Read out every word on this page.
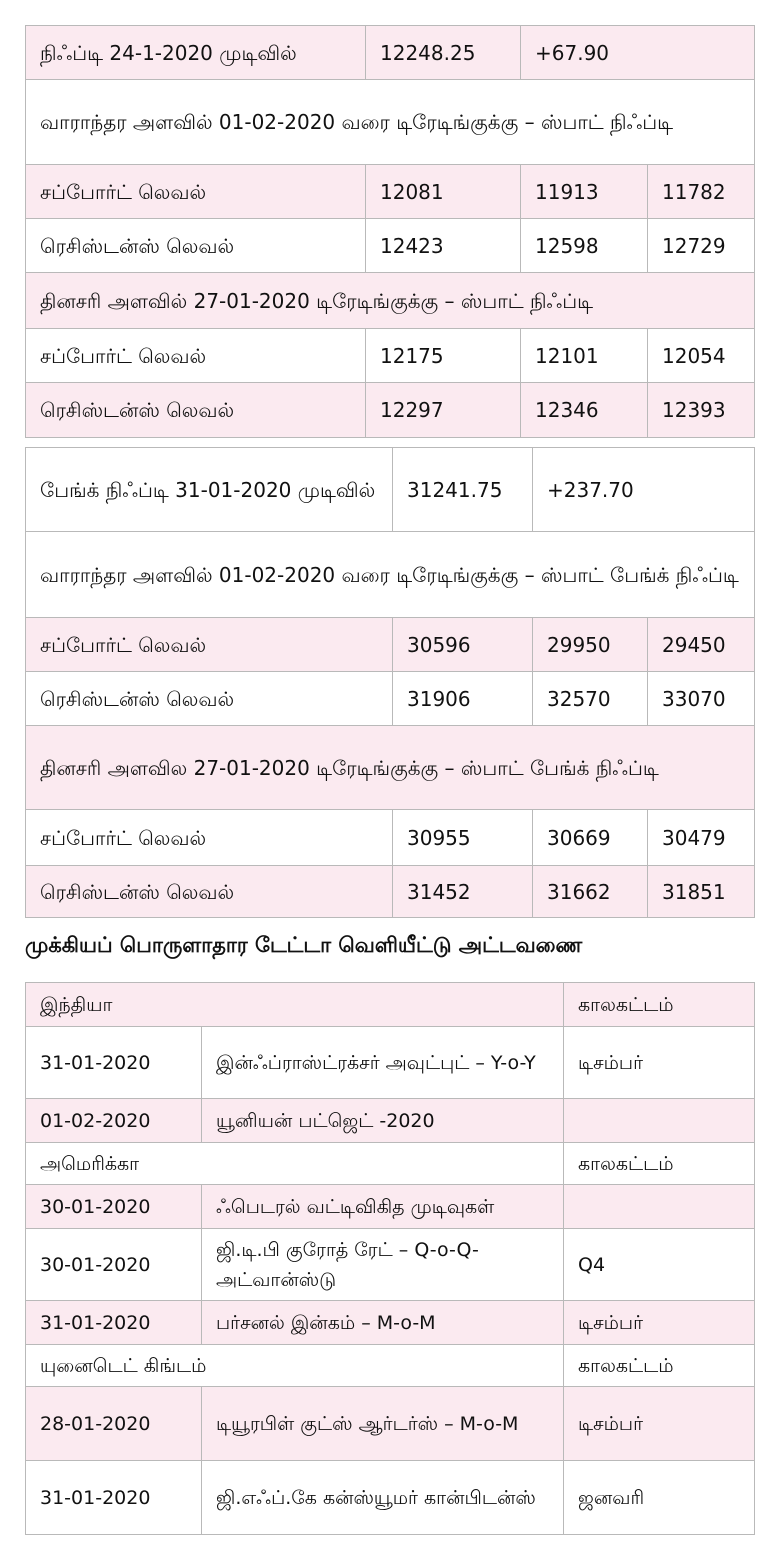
நிஃப்டி 24-1-2020 முடிவில்	12248.25	+67.90	
வாராந்தர அளவில் 01-02-2020 வரை டிரேடிங்குக்கு – ஸ்பாட் நிஃப்டி			
சப்போர்ட் லெவல்	12081	11913	11782
ரெசிஸ்டன்ஸ் லெவல்	12423	12598	12729
தினசரி அளவில் 27-01-2020 டிரேடிங்குக்கு – ஸ்பாட் நிஃப்டி			
சப்போர்ட் லெவல்	12175	12101	12054
ரெசிஸ்டன்ஸ் லெவல்	12297	12346	12393
பேங்க் நிஃப்டி 31-01-2020 முடிவில்	31241.75	+237.70	
வாராந்தர அளவில் 01-02-2020 வரை டிரேடிங்குக்கு – ஸ்பாட் பேங்க் நிஃப்டி			
சப்போர்ட் லெவல்	30596	29950	29450
ரெசிஸ்டன்ஸ் லெவல்	31906	32570	33070
தினசரி அளவில 27-01-2020 டிரேடிங்குக்கு – ஸ்பாட் பேங்க் நிஃப்டி			
சப்போர்ட் லெவல்	30955	30669	30479
ரெசிஸ்டன்ஸ் லெவல்	31452	31662	31851
முக்கியப் பொருளாதார டேட்டா வெளியீட்டு அட்டவணை
இந்தியா		காலகட்டம்
31-01-2020	இன்ஃப்ராஸ்ட்ரக்சர் அவுட்புட் – Y-o-Y	டிசம்பர்
01-02-2020	யூனியன் பட்ஜெட் -2020	
அமெரிக்கா		காலகட்டம்
30-01-2020	ஃபெடரல் வட்டிவிகித முடிவுகள்	
30-01-2020	ஜி.டி.பி குரோத் ரேட் – Q-o-Q- அட்வான்ஸ்டு	Q4
31-01-2020	பர்சனல் இன்கம் – M-o-M	டிசம்பர்
யுனைடெட் கிங்டம்		காலகட்டம்
28-01-2020	டியூரபிள் குட்ஸ் ஆர்டர்ஸ் – M-o-M	டிசம்பர்
31-01-2020	ஜி.எஃப்.கே கன்ஸ்யூமர் கான்பிடன்ஸ்	ஜனவரி
